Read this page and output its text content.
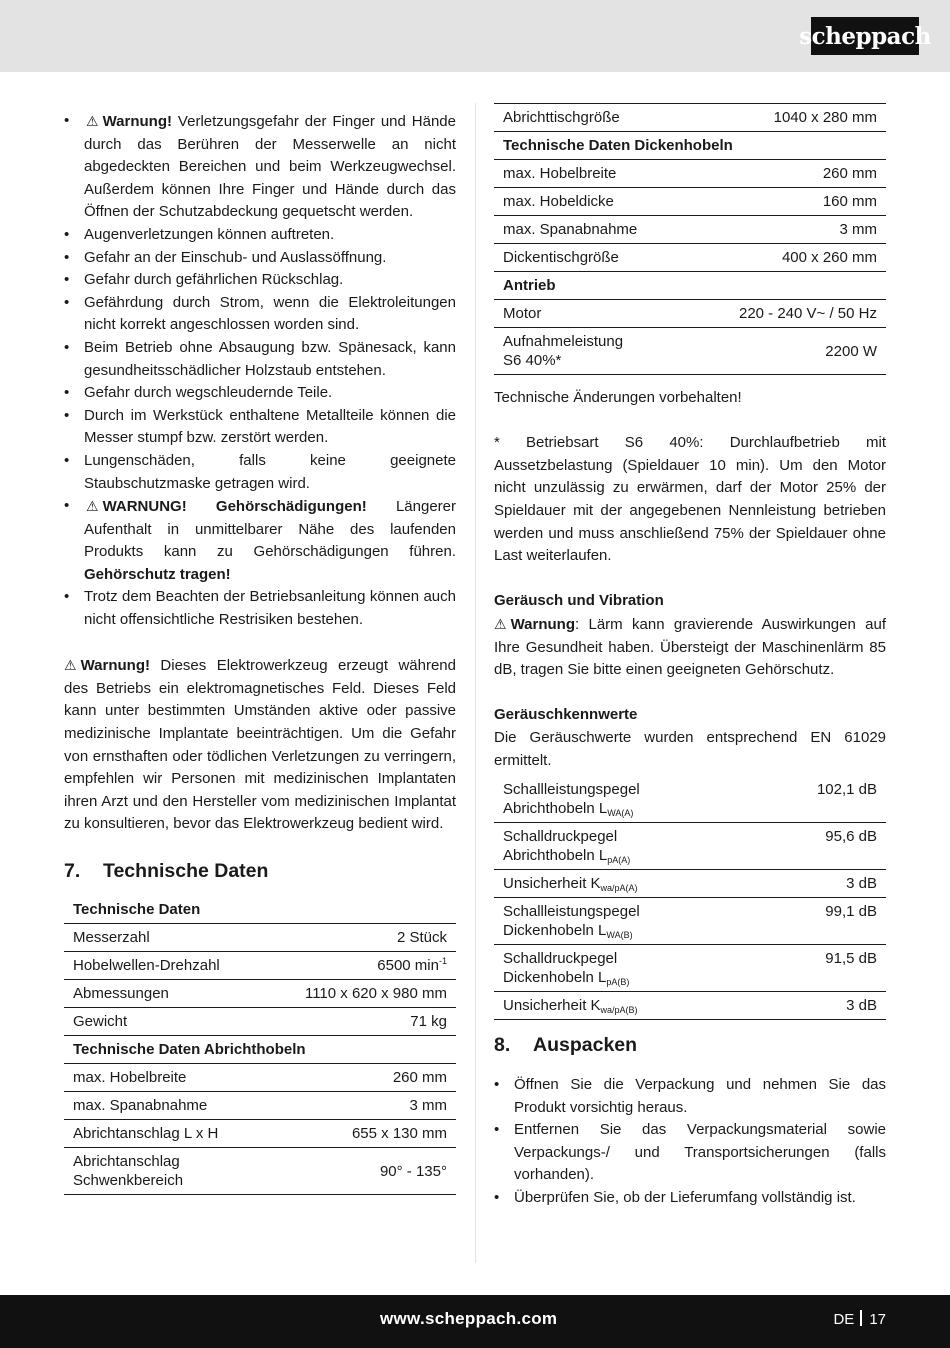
scheppach
• ⚠ Warnung! Verletzungsgefahr der Finger und Hände durch das Berühren der Messerwelle an nicht abgedeckten Bereichen und beim Werkzeugwechsel. Außerdem können Ihre Finger und Hände durch das Öffnen der Schutzabdeckung gequetscht werden.
• Augenverletzungen können auftreten.
• Gefahr an der Einschub- und Auslassöffnung.
• Gefahr durch gefährlichen Rückschlag.
• Gefährdung durch Strom, wenn die Elektroleitungen nicht korrekt angeschlossen worden sind.
• Beim Betrieb ohne Absaugung bzw. Spänesack, kann gesundheitsschädlicher Holzstaub entstehen.
• Gefahr durch wegschleudernde Teile.
• Durch im Werkstück enthaltene Metallteile können die Messer stumpf bzw. zerstört werden.
• Lungenschäden, falls keine geeignete Staubschutzmaske getragen wird.
• ⚠ WARNUNG! Gehörschädigungen! Längerer Aufenthalt in unmittelbarer Nähe des laufenden Produkts kann zu Gehörschädigungen führen. Gehörschutz tragen!
• Trotz dem Beachten der Betriebsanleitung können auch nicht offensichtliche Restrisiken bestehen.

⚠ Warnung! Dieses Elektrowerkzeug erzeugt während des Betriebs ein elektromagnetisches Feld. Dieses Feld kann unter bestimmten Umständen aktive oder passive medizinische Implantate beeinträchtigen. Um die Gefahr von ernsthaften oder tödlichen Verletzungen zu verringern, empfehlen wir Personen mit medizinischen Implantaten ihren Arzt und den Hersteller vom medizinischen Implantat zu konsultieren, bevor das Elektrowerkzeug bedient wird.

7.	Technische Daten
Technische Daten	
Messerzahl	2 Stück
Hobelwellen-Drehzahl	6500 $\min^{-1}$
Abmessungen	1110 x 620 x 980 mm
Gewicht	71 kg
Technische Daten Abrichthobeln	
max. Hobelbreite	260 mm
max. Spanabnahme	3 mm
Abrichtanschlag L x H	655 x 130 mm
Abrichtanschlag
Schwenkbereich	90° - 135°
Abrichttischgröße	1040 x 280 mm
Technische Daten Dickenhobeln	
max. Hobelbreite	260 mm
max. Hobeldicke	160 mm
max. Spanabnahme	3 mm
Dickentischgröße	400 x 260 mm
Antrieb	
Motor	220 - 240 V~ / 50 Hz
Aufnahmeleistung
S6 40%*	2200 W

Technische Änderungen vorbehalten!

* Betriebsart S6 40%: Durchlaufbetrieb mit Aussetzbelastung (Spieldauer 10 min). Um den Motor nicht unzulässig zu erwärmen, darf der Motor 25% der Spieldauer mit der angegebenen Nennleistung betrieben werden und muss anschließend 75% der Spieldauer ohne Last weiterlaufen.

Geräusch und Vibration

⚠ Warnung: Lärm kann gravierende Auswirkungen auf Ihre Gesundheit haben. Übersteigt der Maschinenlärm 85 dB, tragen Sie bitte einen geeigneten Gehörschutz.

Geräuschkennwerte

Die Geräuschwerte wurden entsprechend EN 61029 ermittelt.

Schallleistungspegel
Abrichthobeln $L_{WA(A)}$	102,1 dB
Schalldruckpegel
Abrichthobeln $L_{pA(A)}$	95,6 dB
Unsicherheit $K_{wa/pA(A)}$	3 dB
Schallleistungspegel
Dickenhobeln $L_{WA(B)}$	99,1 dB
Schalldruckpegel
Dickenhobeln $L_{pA(B)}$	91,5 dB
Unsicherheit $K_{wa/pA(B)}$	3 dB
8.	Auspacken
• Öffnen Sie die Verpackung und nehmen Sie das Produkt vorsichtig heraus.
• Entfernen Sie das Verpackungsmaterial sowie Verpackungs-/ und Transportsicherungen (falls vorhanden).
• Überprüfen Sie, ob der Lieferumfang vollständig ist.
www.scheppach.com	DE 17
